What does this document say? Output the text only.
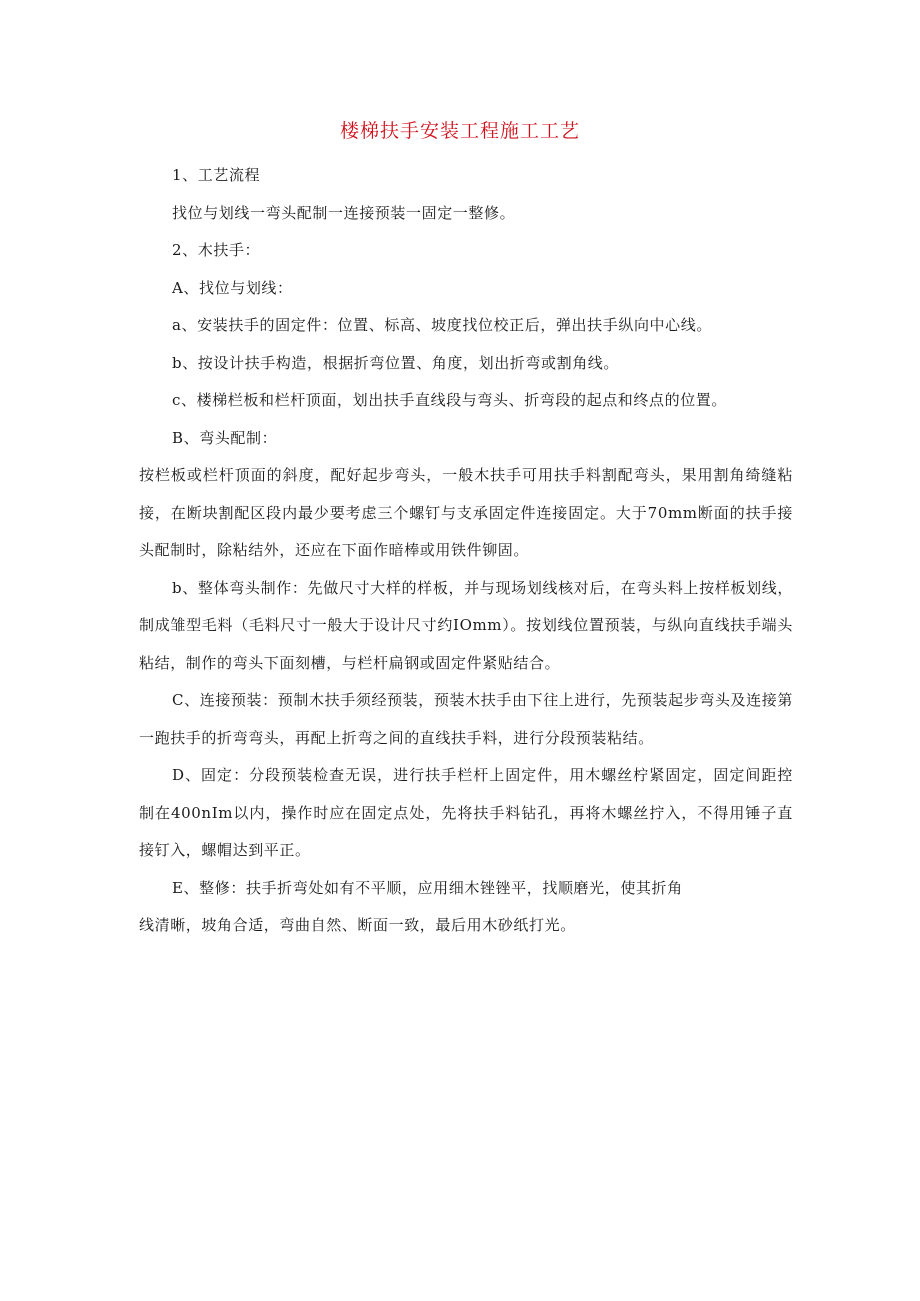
楼梯扶手安装工程施工工艺

1、工艺流程

找位与划线一弯头配制一连接预装一固定一整修。

2、木扶手：

A、找位与划线：

a、安装扶手的固定件：位置、标高、坡度找位校正后，弹出扶手纵向中心线。

b、按设计扶手构造，根据折弯位置、角度，划出折弯或割角线。

c、楼梯栏板和栏杆顶面，划出扶手直线段与弯头、折弯段的起点和终点的位置。

B、弯头配制：

按栏板或栏杆顶面的斜度，配好起步弯头，一般木扶手可用扶手料割配弯头，果用割角绮缝粘接，在断块割配区段内最少要考虑三个螺钉与支承固定件连接固定。大于70mm断面的扶手接头配制时，除粘结外，还应在下面作暗棒或用铁件铆固。

b、整体弯头制作：先做尺寸大样的样板，并与现场划线核对后，在弯头料上按样板划线，制成雏型毛料（毛料尺寸一般大于设计尺寸约IOmm）。按划线位置预装，与纵向直线扶手端头粘结，制作的弯头下面刻槽，与栏杆扁钢或固定件紧贴结合。

C、连接预装：预制木扶手须经预装，预装木扶手由下往上进行，先预装起步弯头及连接第一跑扶手的折弯弯头，再配上折弯之间的直线扶手料，进行分段预装粘结。

D、固定：分段预装检查无误，进行扶手栏杆上固定件，用木螺丝柠紧固定，固定间距控制在400nIm以内，操作时应在固定点处，先将扶手料钻孔，再将木螺丝拧入，不得用锤子直接钉入，螺帽达到平正。

E、整修：扶手折弯处如有不平顺，应用细木锉锉平，找顺磨光，使其折角

线清晰，坡角合适，弯曲自然、断面一致，最后用木砂纸打光。
